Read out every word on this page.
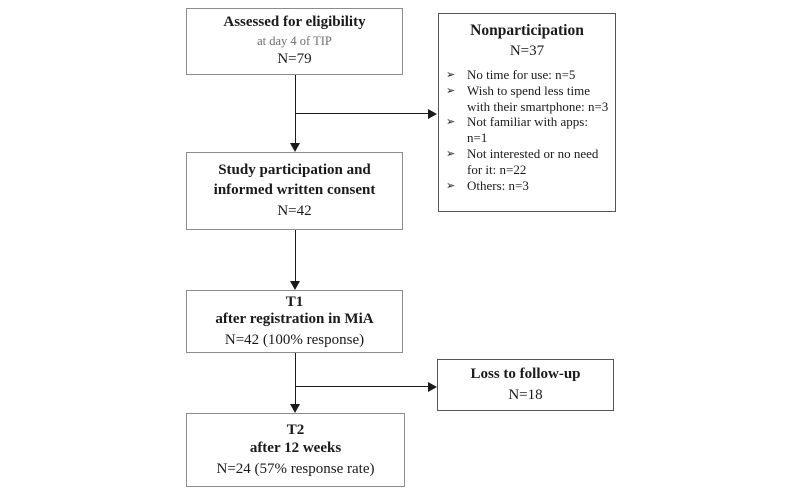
Assessed for eligibility
at day 4 of TIP
N=79
Study participation and informed written consent
N=42
T1
after registration in MiA
N=42 (100% response)
T2
after 12 weeks
N=24 (57% response rate)
Nonparticipation
N=37
➢ No time for use: n=5
➢ Wish to spend less time with their smartphone: n=3
➢ Not familiar with apps: n=1
➢ Not interested or no need for it: n=22
➢ Others: n=3
Loss to follow-up
N=18
